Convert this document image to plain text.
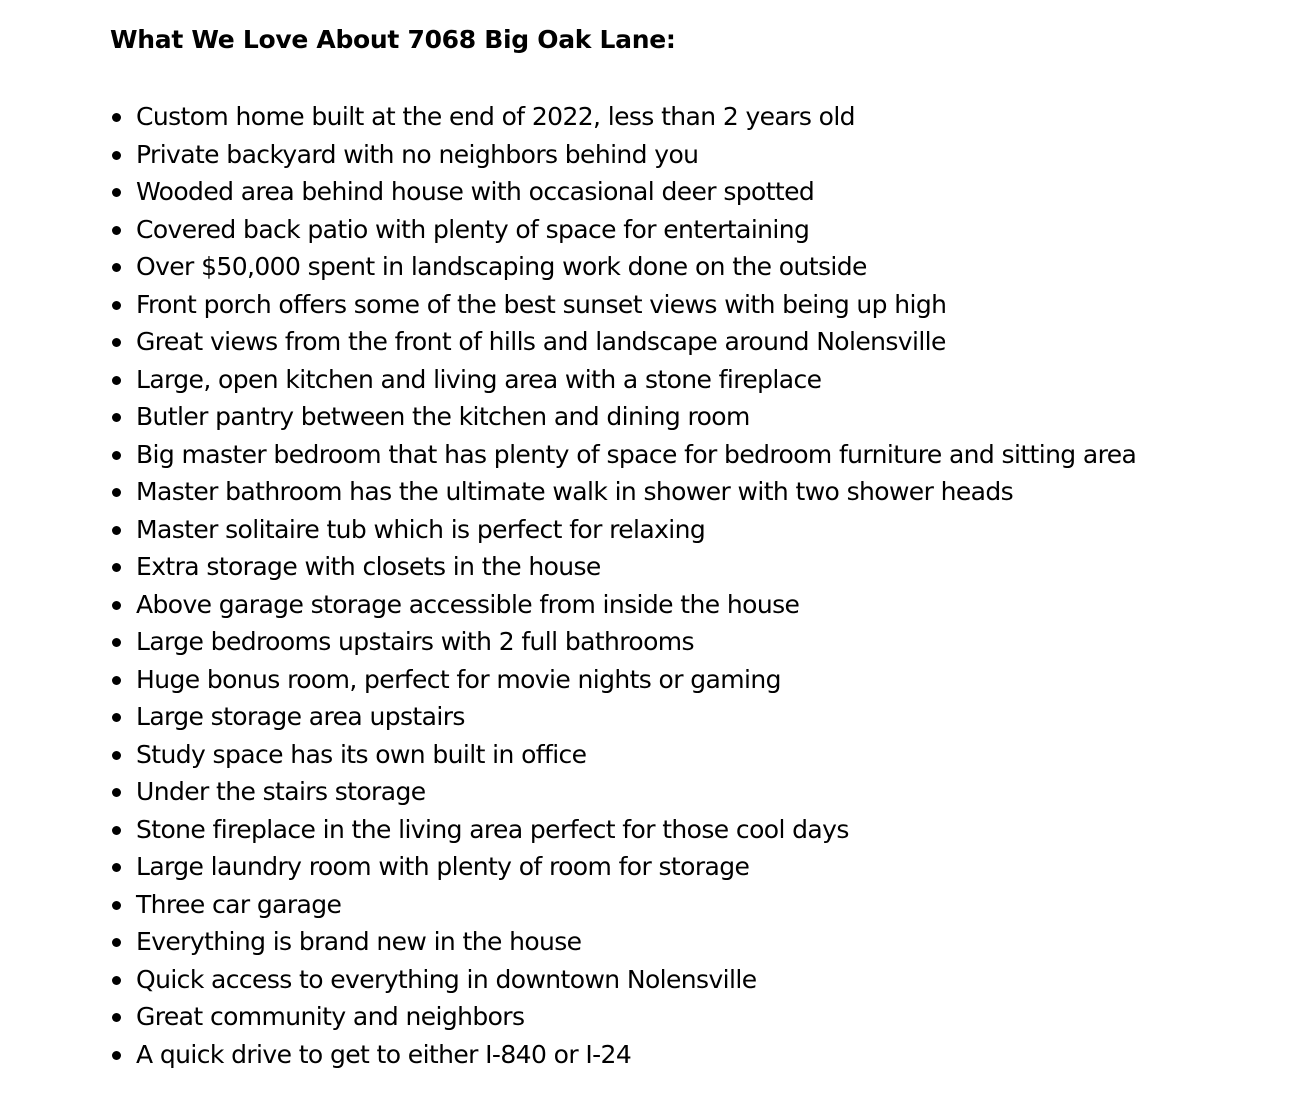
What We Love About 7068 Big Oak Lane:
Custom home built at the end of 2022, less than 2 years old
Private backyard with no neighbors behind you
Wooded area behind house with occasional deer spotted
Covered back patio with plenty of space for entertaining
Over $50,000 spent in landscaping work done on the outside
Front porch offers some of the best sunset views with being up high
Great views from the front of hills and landscape around Nolensville
Large, open kitchen and living area with a stone fireplace
Butler pantry between the kitchen and dining room
Big master bedroom that has plenty of space for bedroom furniture and sitting area
Master bathroom has the ultimate walk in shower with two shower heads
Master solitaire tub which is perfect for relaxing
Extra storage with closets in the house
Above garage storage accessible from inside the house
Large bedrooms upstairs with 2 full bathrooms
Huge bonus room, perfect for movie nights or gaming
Large storage area upstairs
Study space has its own built in office
Under the stairs storage
Stone fireplace in the living area perfect for those cool days
Large laundry room with plenty of room for storage
Three car garage
Everything is brand new in the house
Quick access to everything in downtown Nolensville
Great community and neighbors
A quick drive to get to either I-840 or I-24
